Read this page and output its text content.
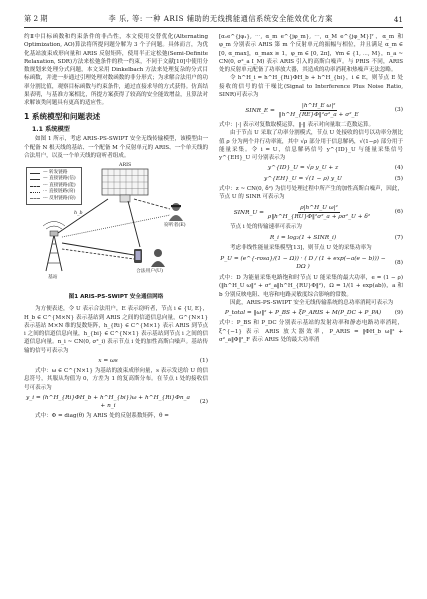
第 2 期	李 乐, 等: 一种 ARIS 辅助的无线携能通信系统安全能效优化方案	41

约Ⅱ中目标函数和约束条件的非凸性，本文使用交替优化(Alternating Optimization, AO)算法将所提问题分解为 3 个子问题。具体而言，为优化基站波束成形向量和 ARIS 反射矩阵，使用半正定松弛(Semi-Definite Relaxation, SDR)方法来松弛条件的秩一约束，不同于文献[10]中使用分数规划来处理分式问题，本文采用 Dinkelbach 方法来处理复杂的分式目标函数，并进一步通过引理处理对数函数的非分形式；为求解合法用户的功率分割比值，观察目标函数与约束条件，通过直接求导的方式获得。仿真结果表明，与基准方案相比，所提方案获得了较高的安全能效增益，且算法对求解该类问题具有更高的适应性。

1 系统模型和问题表述
1.1 系统模型

如图 1 所示，考虑 ARIS-PS-SWIPT 安全无线传输模型，该模型由一个配备 N 根天线的基站、一个配备 M 个反射单元的 ARIS、一个单天线的合法用户，以及一个单天线的窃听者组成。

— 转发链路
— 直接链路(信)
--- 直接链路(能)
··· 直接链路(窃)
--- 反射链路(窃)
ARIS
基站
窃听者(E)
合法用户(U)
h_b
图1 ARIS-PS-SWIPT 安全通信网络

为方便表述，令 U 表示合法用户，E 表示窃听者，节点 i ∈ {U, E}，H_b ∈ C^{M×N} 表示基站到 ARIS 之间的信道信息向量，G^{N×1} 表示基站 M×N 维的复数矩阵，h_{Ri} ∈ C^{M×1} 表示 ARIS 到节点 i 之间的信道信息向量，h_{bi} ∈ C^{N×1} 表示基站到节点 i 之间的信道信息向量。n_i ~ CN(0, σ²_i) 表示节点 i 处的加性高斯白噪声。基站传输的信号可表示为

x = ωs	(1)

式中：ω ∈ C^{N×1} 为基站的波束成形向量，s 表示发送给 U 的信息符号，其服从均值为 0，方差为 1 的复高斯分布。在节点 i 处的接收信号可表示为

y_i = (h^H_{Ri}ΦH_b + h^H_{bi})ω + h^H_{Ri}Φn_a + n_i
(2)

式中：Φ = diag(θ) 为 ARIS 处的反射系数矩阵，θ =

[α₁e^{jφ₁}, ⋯, α_m e^{jφ_m}, ⋯, α_M e^{jφ_M}]ᵀ，α_m 和 φ_m 分别表示 ARIS 第 m 个反射单元的振幅与相位，并且满足 α_m ∈ [0, α_max]，α_max ≥ 1，φ_m ∈ [0, 2π]，∀m ∈ {1, ⋯, M}，n_a ~ CN(0, σ²_a I_M) 表示 ARIS 引入的高斯白噪声。与 PRIS 不同，ARIS 处的反射单元配备了功率放大器，其造成的功率消耗和热噪声无法忽略。

令 h^H_i = h^H_{Ri}ΦH_b + h^H_{bi}，i ∈ E，则节点 E 处接收的信号的信干噪比(Signal to Interference Plus Noise Ratio, SINR)可表示为

SINR_E = $\frac{\text{|h\textasciicircum{}H\_E ω|²}}{\text{‖h\textasciicircum{}H\_\{RE\}Φ‖²σ²\_a + σ²\_E}}$	(3)

式中：|·| 表示对复数取模运算，‖·‖ 表示对向量取二范数运算。

由于节点 U 采取了功率分割模式，节点 U 处接收的信号以功率分割比值 ρ 分为两个并行功率流，其中 √ρ 部分用于信息解码，√(1−ρ) 部分用于能量采集。令 i = U，信息解码信号 y^{ID}_U 与能量采集信号 y^{EH}_U 可分别表示为

y^{ID}_U = √ρ y_U + z	(4)
y^{EH}_U = √(1 − ρ) y_U	(5)

式中：z ~ CN(0, δ²) 为信号处理过程中所产生的加性高斯白噪声，因此，节点 U 的 SINR 可表示为

SINR_U = $\frac{\text{ρ|h\textasciicircum{}H\_U ω|²}}{\text{ρ‖h\textasciicircum{}H\_\{RU\}Φ‖²σ²\_a + ρσ²\_U + δ²}}$	(6)

节点 i 处的传输速率可表示为

R_i = log₂(1 + SINR_i)	(7)

考虑非线性能量采集模型[13]，则节点 U 处的采集功率为

P_U = (e^{-rosa}/(1 − Ω)) · ( D / (1 + exp(−a(e − b))) − DΩ )
(8)

式中：D 为能量采集电路饱和时节点 U 能采集的最大功率，e = (1 − ρ)(‖h^H_U ω‖² + σ²_a‖h^H_{RU}Φ‖²)，Ω = 1/(1 + exp(ab))，a 和 b 分别反映电阻、电容和电路灵敏度综合影响的常数。

因此，ARIS-PS-SWIPT 安全无线传输系统的总功率消耗可表示为

P_total = ‖ω‖² + P_BS + ξP_ARIS + M(P_DC + P_PA)	(9)

式中：P_BS 和 P_DC 分别表示基站的发射功率和静态电路功率消耗，ξ^{−1} 表示 ARIS 放大器效率，P_ARIS = ‖ΦH_b ω‖² + σ²_a‖Φ‖²_F 表示 ARIS 处的最大功率消
